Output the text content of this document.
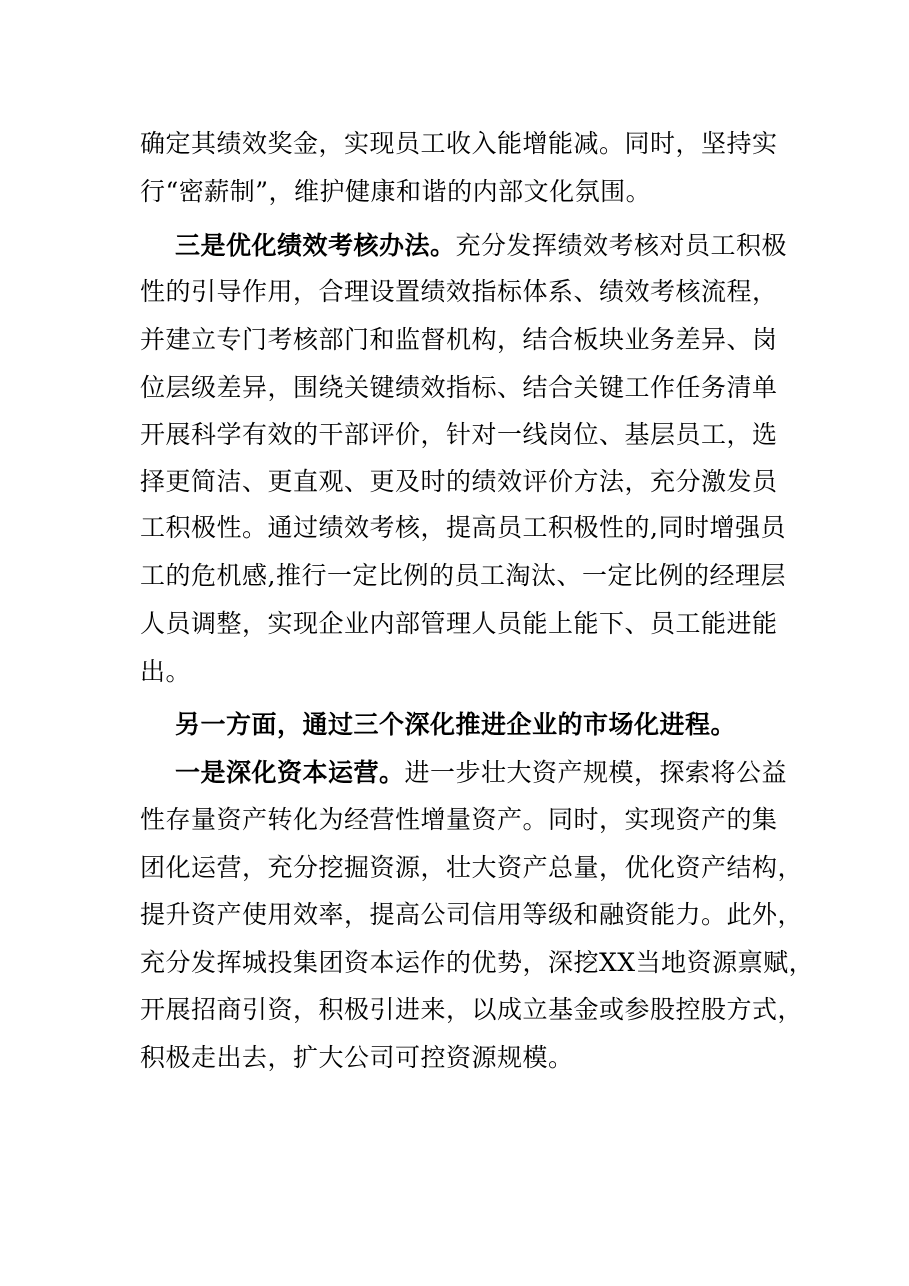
确定其绩效奖金，实现员工收入能增能减。同时，坚持实
行“密薪制”，维护健康和谐的内部文化氛围。
三是优化绩效考核办法。充分发挥绩效考核对员工积极
性的引导作用，合理设置绩效指标体系、绩效考核流程，
并建立专门考核部门和监督机构，结合板块业务差异、岗
位层级差异，围绕关键绩效指标、结合关键工作任务清单
开展科学有效的干部评价，针对一线岗位、基层员工，选
择更简洁、更直观、更及时的绩效评价方法，充分激发员
工积极性。通过绩效考核，提高员工积极性的,同时增强员
工的危机感,推行一定比例的员工淘汰、一定比例的经理层
人员调整，实现企业内部管理人员能上能下、员工能进能
出。
另一方面，通过三个深化推进企业的市场化进程。
一是深化资本运营。进一步壮大资产规模，探索将公益
性存量资产转化为经营性增量资产。同时，实现资产的集
团化运营，充分挖掘资源，壮大资产总量，优化资产结构，
提升资产使用效率，提高公司信用等级和融资能力。此外，
充分发挥城投集团资本运作的优势，深挖XX当地资源禀赋，
开展招商引资，积极引进来，以成立基金或参股控股方式，
积极走出去，扩大公司可控资源规模。
